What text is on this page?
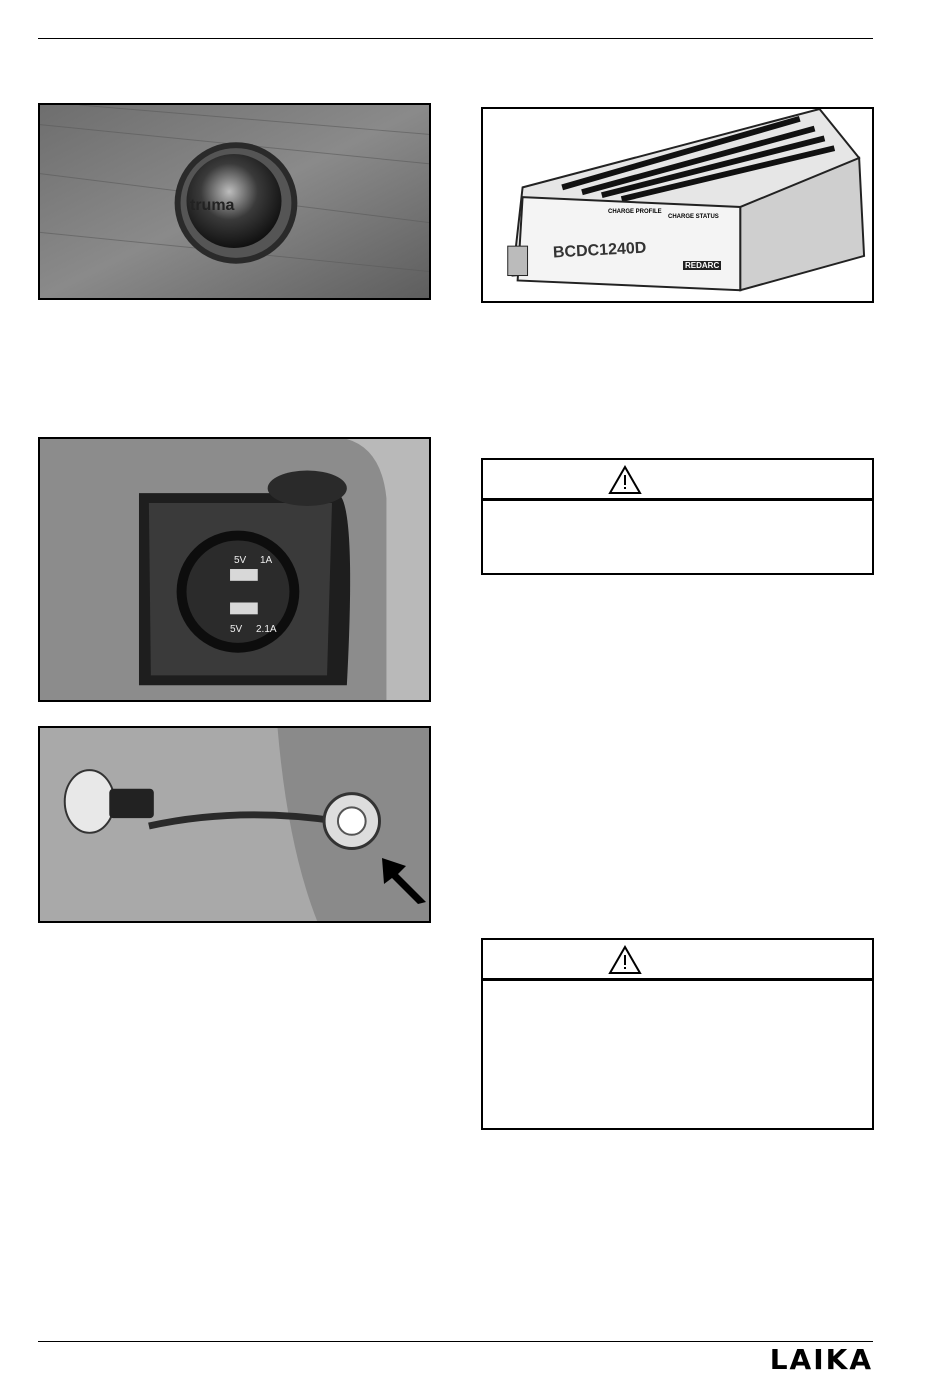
truma
5V 1A
5V 2.1A
BCDC1240D
CHARGE PROFILE
CHARGE STATUS
REDARC
LAIKA
